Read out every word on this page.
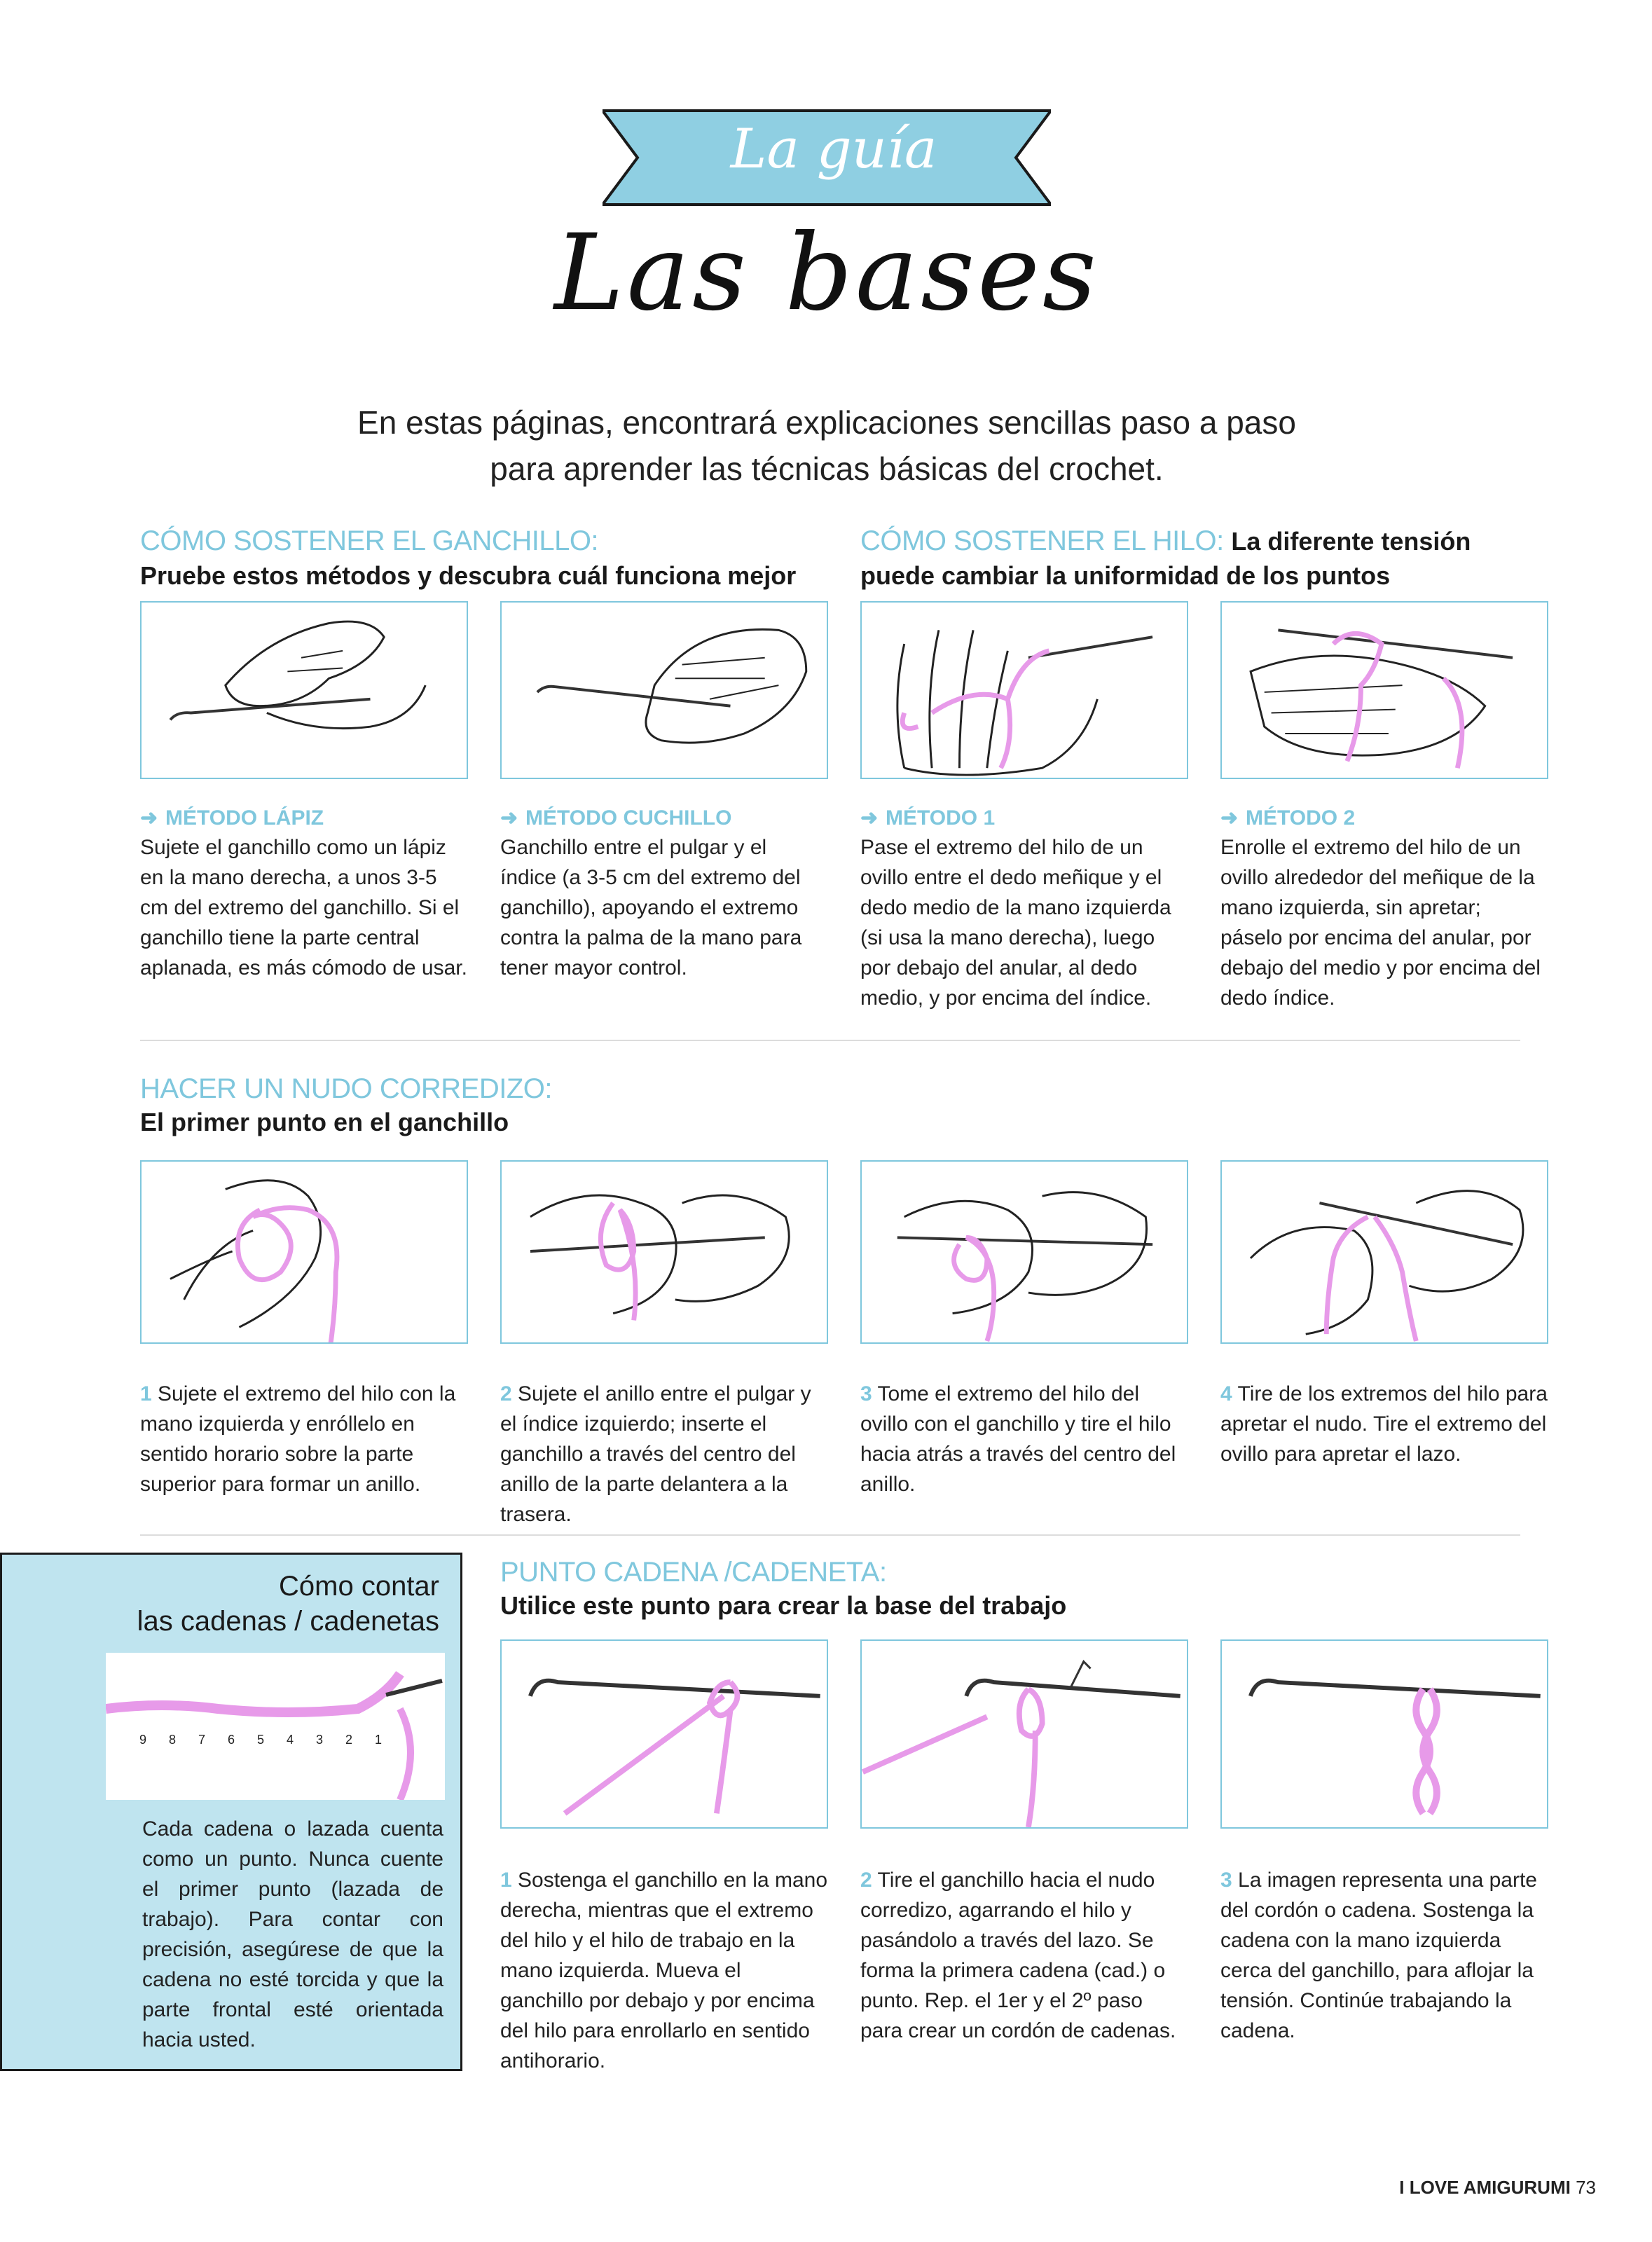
La guía
Las bases
En estas páginas, encontrará explicaciones sencillas paso a paso
para aprender las técnicas básicas del crochet.
CÓMO SOSTENER EL GANCHILLO:
Pruebe estos métodos y descubra cuál funciona mejor
CÓMO SOSTENER EL HILO: La diferente tensión
puede cambiar la uniformidad de los puntos
➜ MÉTODO LÁPIZ
Sujete el ganchillo como un lápiz en la mano derecha, a unos 3-5 cm del extremo del ganchillo. Si el ganchillo tiene la parte central aplanada, es más cómodo de usar.
➜ MÉTODO CUCHILLO
Ganchillo entre el pulgar y el índice (a 3-5 cm del extremo del ganchillo), apoyando el extremo contra la palma de la mano para tener mayor control.
➜ MÉTODO 1
Pase el extremo del hilo de un ovillo entre el dedo meñique y el dedo medio de la mano izquierda (si usa la mano derecha), luego por debajo del anular, al dedo medio, y por encima del índice.
➜ MÉTODO 2
Enrolle el extremo del hilo de un ovillo alrededor del meñique de la mano izquierda, sin apretar; páselo por encima del anular, por debajo del medio y por encima del dedo índice.
HACER UN NUDO CORREDIZO:
El primer punto en el ganchillo
1 Sujete el extremo del hilo con la mano izquierda y enróllelo en sentido horario sobre la parte superior para formar un anillo.
2 Sujete el anillo entre el pulgar y el índice izquierdo; inserte el ganchillo a través del centro del anillo de la parte delantera a la trasera.
3 Tome el extremo del hilo del ovillo con el ganchillo y tire el hilo hacia atrás a través del centro del anillo.
4 Tire de los extremos del hilo para apretar el nudo. Tire el extremo del ovillo para apretar el lazo.
Cómo contar
las cadenas / cadenetas
9 8 7 6 5 4 3 2 1
Cada cadena o lazada cuenta como un punto. Nunca cuente el primer punto (lazada de trabajo). Para contar con precisión, asegúrese de que la cadena no esté torcida y que la parte frontal esté orientada hacia usted.
PUNTO CADENA /CADENETA:
Utilice este punto para crear la base del trabajo
1 Sostenga el ganchillo en la mano derecha, mientras que el extremo del hilo y el hilo de trabajo en la mano izquierda. Mueva el ganchillo por debajo y por encima del hilo para enrollarlo en sentido antihorario.
2 Tire el ganchillo hacia el nudo corredizo, agarrando el hilo y pasándolo a través del lazo. Se forma la primera cadena (cad.) o punto. Rep. el 1er y el 2º paso para crear un cordón de cadenas.
3 La imagen representa una parte del cordón o cadena. Sostenga la cadena con la mano izquierda cerca del ganchillo, para aflojar la tensión. Continúe trabajando la cadena.
I LOVE AMIGURUMI 73
